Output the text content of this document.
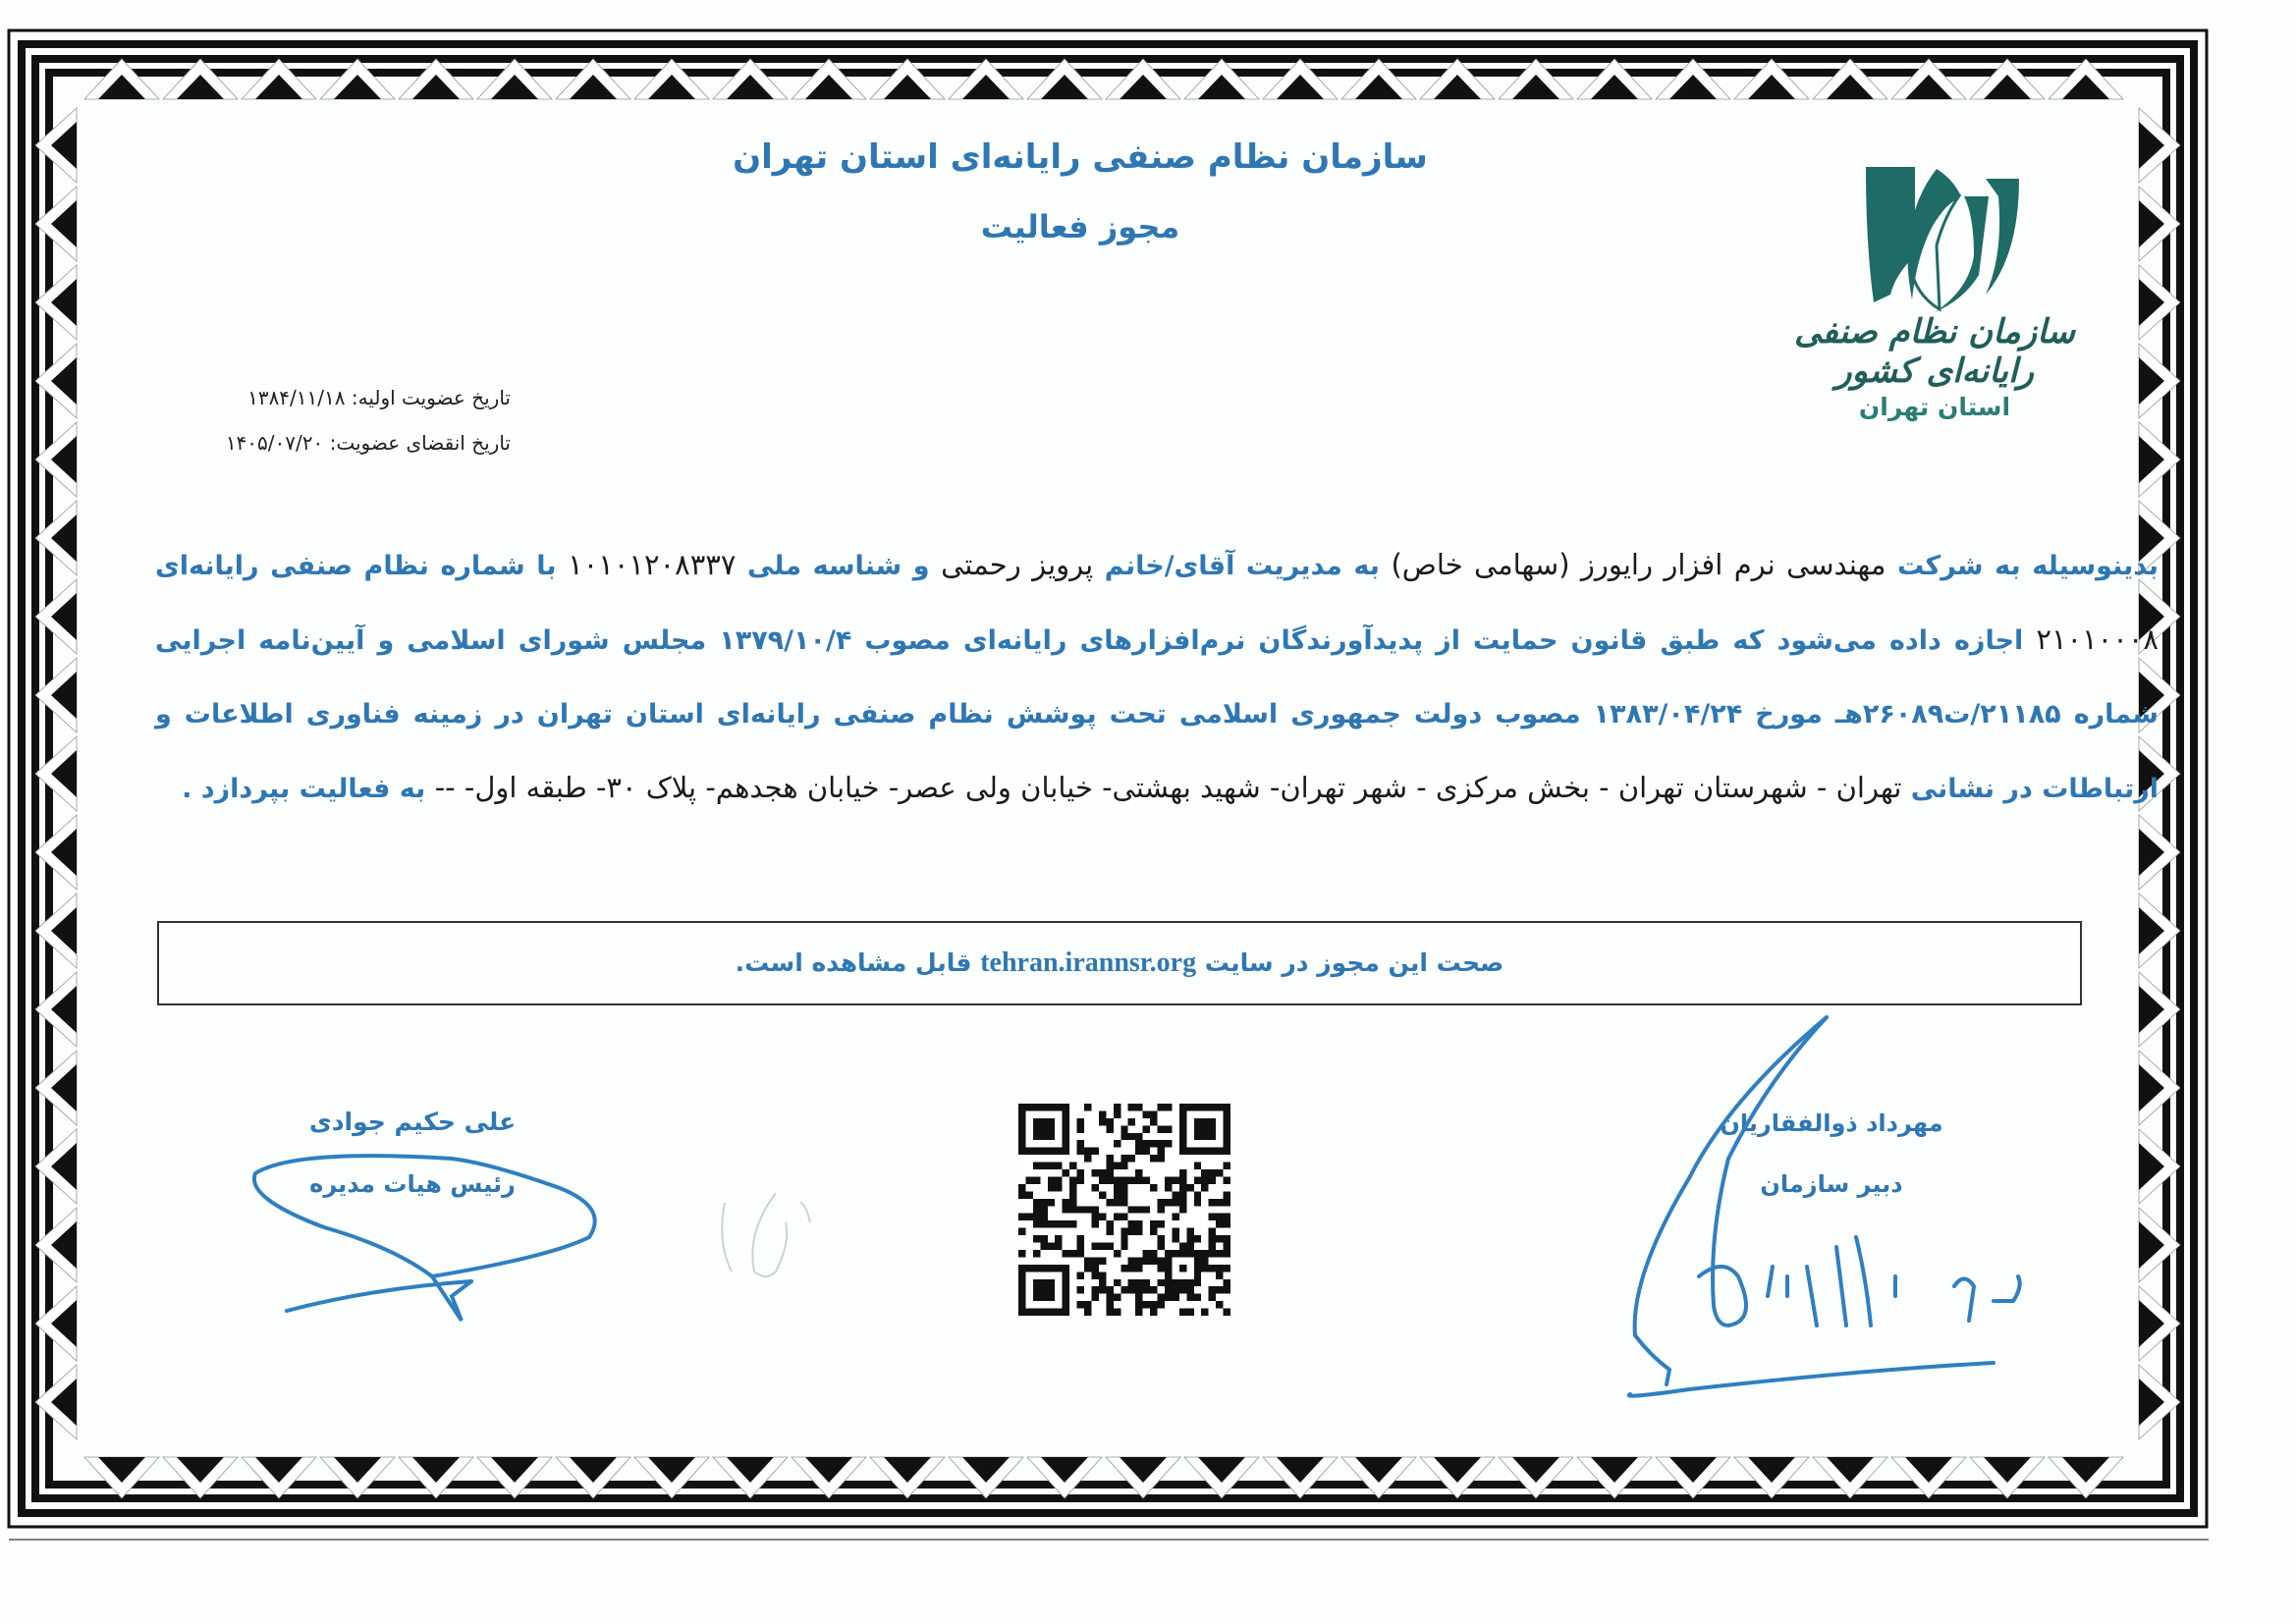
سازمان نظام صنفی رایانه‌ای استان تهران
مجوز فعالیت
سازمان نظام صنفی رایانه‌ای کشور
استان تهران
تاریخ عضویت اولیه: ۱۳۸۴/۱۱/۱۸
تاریخ انقضای عضویت: ۱۴۰۵/۰۷/۲۰
بدینوسیله به شرکت مهندسی نرم افزار رایورز (سهامی خاص) به مدیریت آقای/خانم پرویز رحمتی و شناسه ملی ۱۰۱۰۱۲۰۸۳۳۷ با شماره نظام صنفی رایانه‌ای ۲۱۰۱۰۰۰۸ اجازه داده می‌شود که طبق قانون حمایت از پدیدآورندگان نرم‌افزارهای رایانه‌ای مصوب ۱۳۷۹/۱۰/۴ مجلس شورای اسلامی و آیین‌نامه اجرایی شماره ۲۱۱۸۵/ت۲۶۰۸۹هـ مورخ ۱۳۸۳/۰۴/۲۴ مصوب دولت جمهوری اسلامی تحت پوشش نظام صنفی رایانه‌ای استان تهران در زمینه فناوری اطلاعات و ارتباطات در نشانی تهران - شهرستان تهران - بخش مرکزی - شهر تهران- شهید بهشتی- خیابان ولی عصر- خیابان هجدهم- پلاک ۳۰- طبقه اول- -- به فعالیت بپردازد .
صحت این مجوز در سایت tehran.irannsr.org قابل مشاهده است.
علی حکیم جوادی
رئیس هیات مدیره
مهرداد ذوالفقاریان
دبیر سازمان
